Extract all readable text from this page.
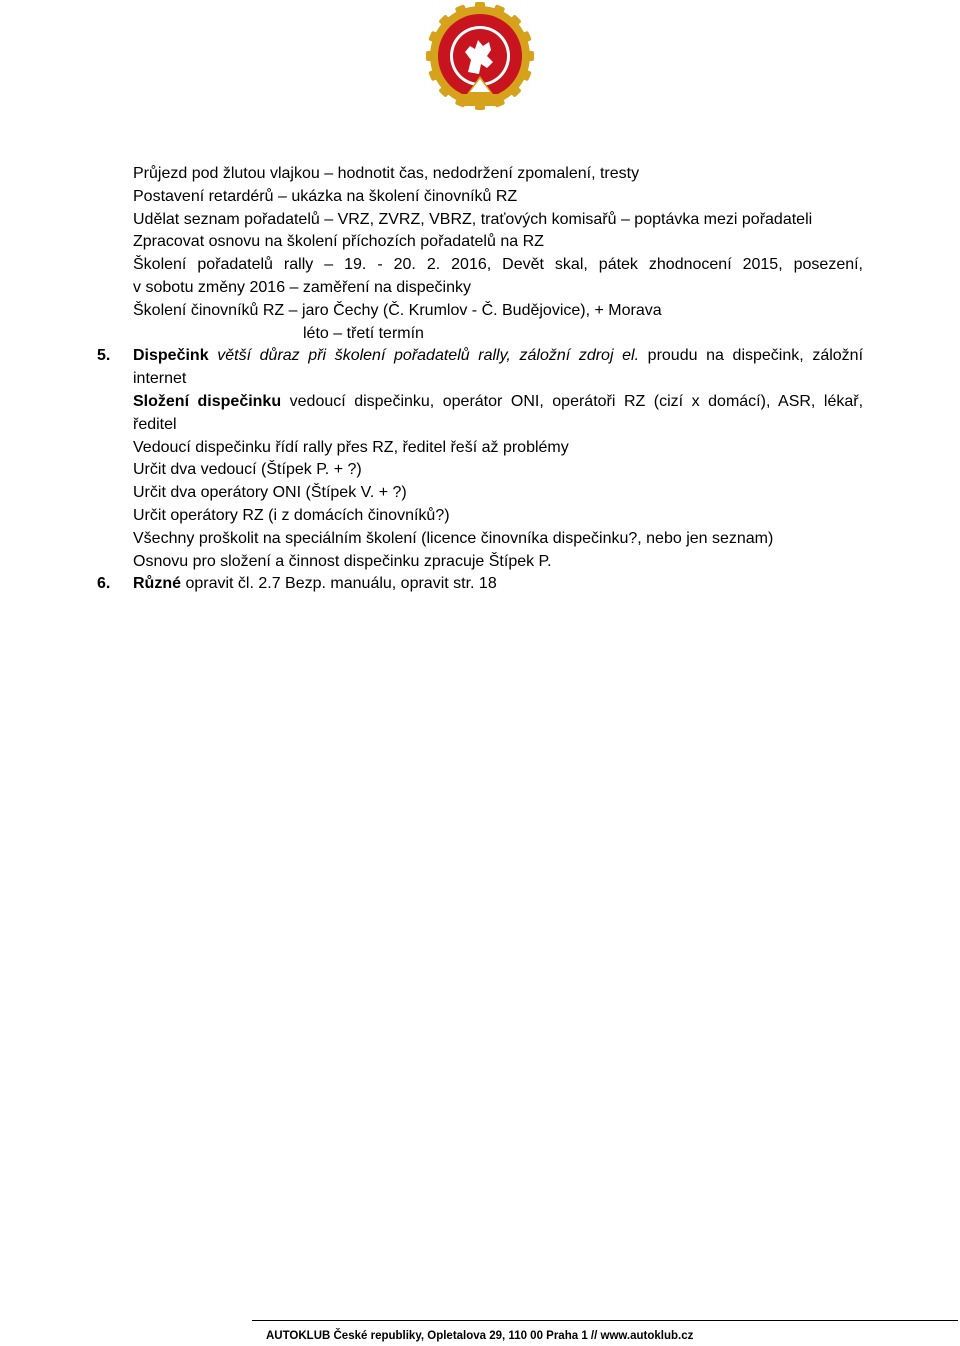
Průjezd pod žlutou vlajkou – hodnotit čas, nedodržení zpomalení, tresty
Postavení retardérů – ukázka na školení činovníků RZ
Udělat seznam pořadatelů – VRZ, ZVRZ, VBRZ, traťových komisařů – poptávka mezi pořadateli
Zpracovat osnovu na školení příchozích pořadatelů na RZ
Školení pořadatelů rally – 19. - 20. 2. 2016, Devět skal, pátek zhodnocení 2015, posezení,
v sobotu změny 2016 – zaměření na dispečinky
Školení činovníků RZ – jaro Čechy (Č. Krumlov - Č. Budějovice), + Morava
léto – třetí termín
5. Dispečink větší důraz při školení pořadatelů rally, záložní zdroj el. proudu na dispečink, záložní
internet
Složení dispečinku vedoucí dispečinku, operátor ONI, operátoři RZ (cizí x domácí), ASR, lékař,
ředitel
Vedoucí dispečinku řídí rally přes RZ, ředitel řeší až problémy
Určit dva vedoucí (Štípek P. + ?)
Určit dva operátory ONI (Štípek V. + ?)
Určit operátory RZ (i z domácích činovníků?)
Všechny proškolit na speciálním školení (licence činovníka dispečinku?, nebo jen seznam)
Osnovu pro složení a činnost dispečinku zpracuje Štípek P.
6. Různé opravit čl. 2.7 Bezp. manuálu, opravit str. 18
AUTOKLUB České republiky, Opletalova 29, 110 00 Praha 1 // www.autoklub.cz
